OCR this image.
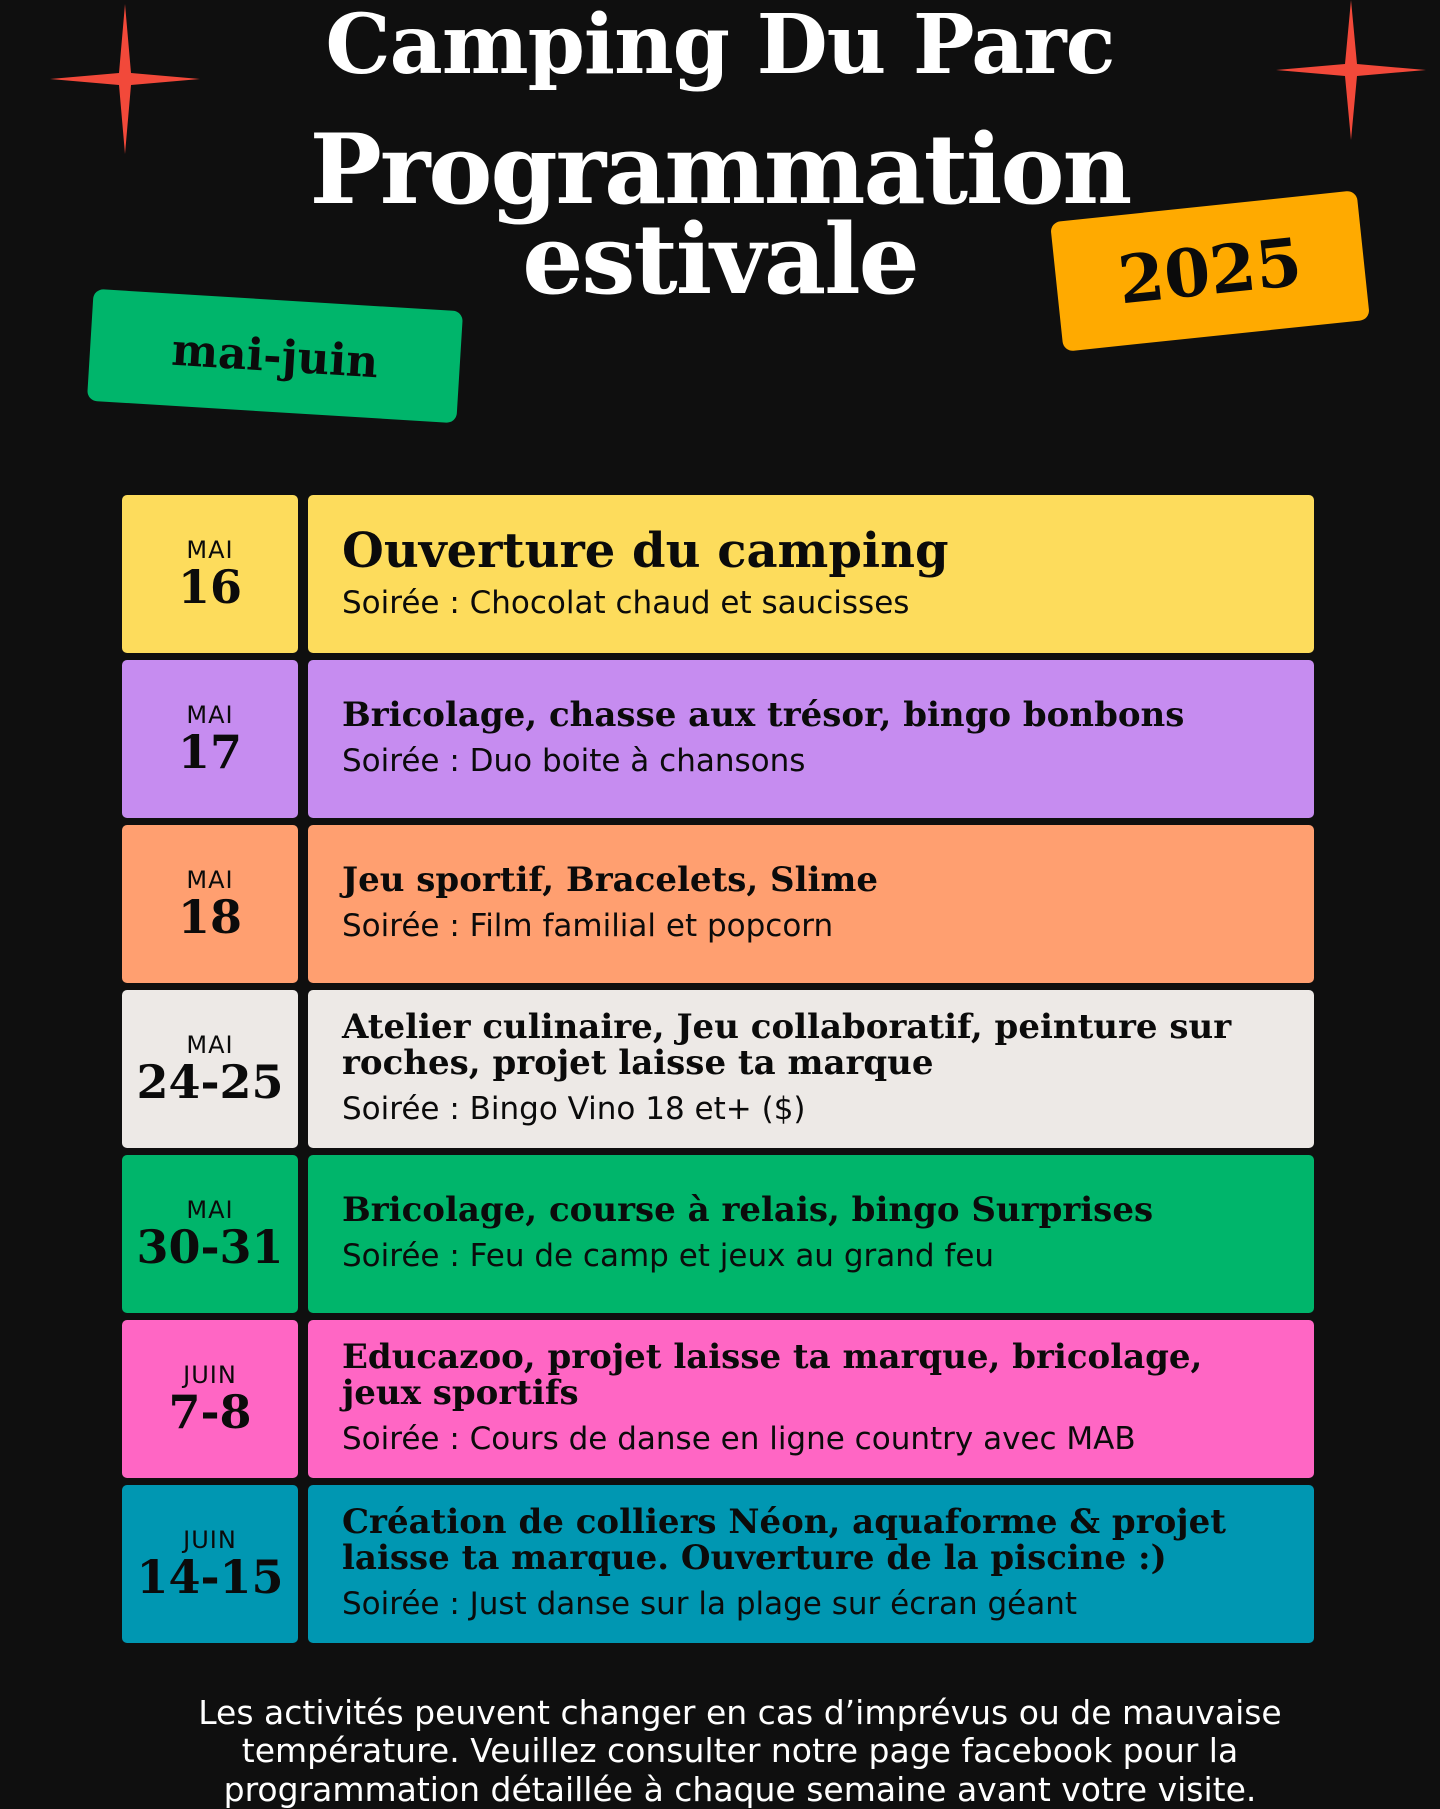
Camping Du Parc
Programmation
estivale
mai-juin
2025
MAI
16
Ouverture du camping
Soirée : Chocolat chaud et saucisses
MAI
17
Bricolage, chasse aux trésor, bingo bonbons
Soirée : Duo boite à chansons
MAI
18
Jeu sportif, Bracelets, Slime
Soirée : Film familial et popcorn
MAI
24-25
Atelier culinaire, Jeu collaboratif, peinture sur roches, projet laisse ta marque
Soirée : Bingo Vino 18 et+ ($)
MAI
30-31
Bricolage, course à relais, bingo Surprises
Soirée : Feu de camp et jeux au grand feu
JUIN
7-8
Educazoo, projet laisse ta marque, bricolage, jeux sportifs
Soirée : Cours de danse en ligne country avec MAB
JUIN
14-15
Création de colliers Néon, aquaforme & projet laisse ta marque. Ouverture de la piscine :)
Soirée : Just danse sur la plage sur écran géant
Les activités peuvent changer en cas d’imprévus ou de mauvaise température. Veuillez consulter notre page facebook pour la programmation détaillée à chaque semaine avant votre visite.
